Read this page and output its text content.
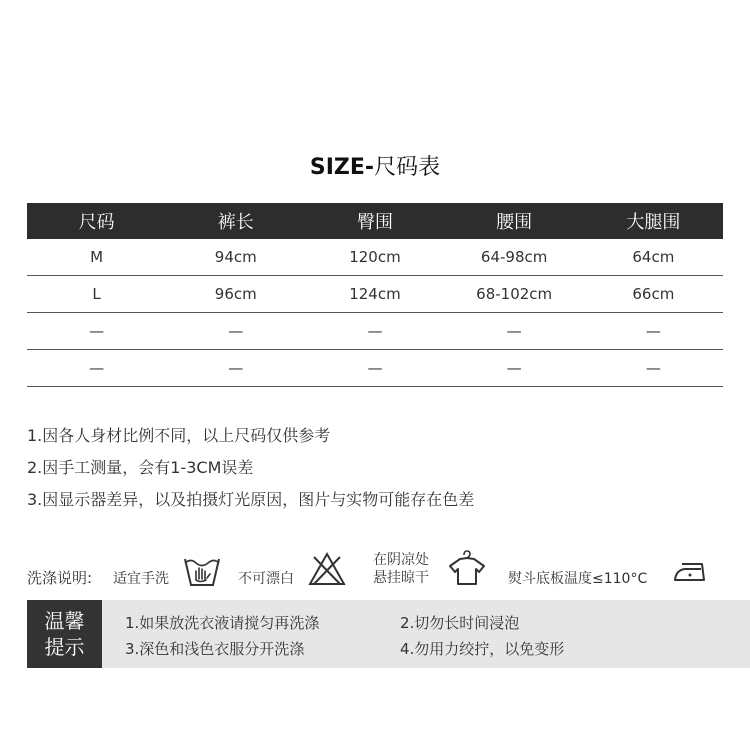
SIZE-尺码表
尺码	裤长	臀围	腰围	大腿围
M	94cm	120cm	64-98cm	64cm
L	96cm	124cm	68-102cm	66cm
—	—	—	—	—
—	—	—	—	—
1.因各人身材比例不同，以上尺码仅供参考
2.因手工测量，会有1-3CM误差
3.因显示器差异，以及拍摄灯光原因，图片与实物可能存在色差
洗涤说明: 适宜手洗	不可漂白
在阴凉处
悬挂晾干	熨斗底板温度≤110°C
温馨
提示
1.如果放洗衣液请搅匀再洗涤	2.切勿长时间浸泡
3.深色和浅色衣服分开洗涤	4.勿用力绞拧，以免变形
